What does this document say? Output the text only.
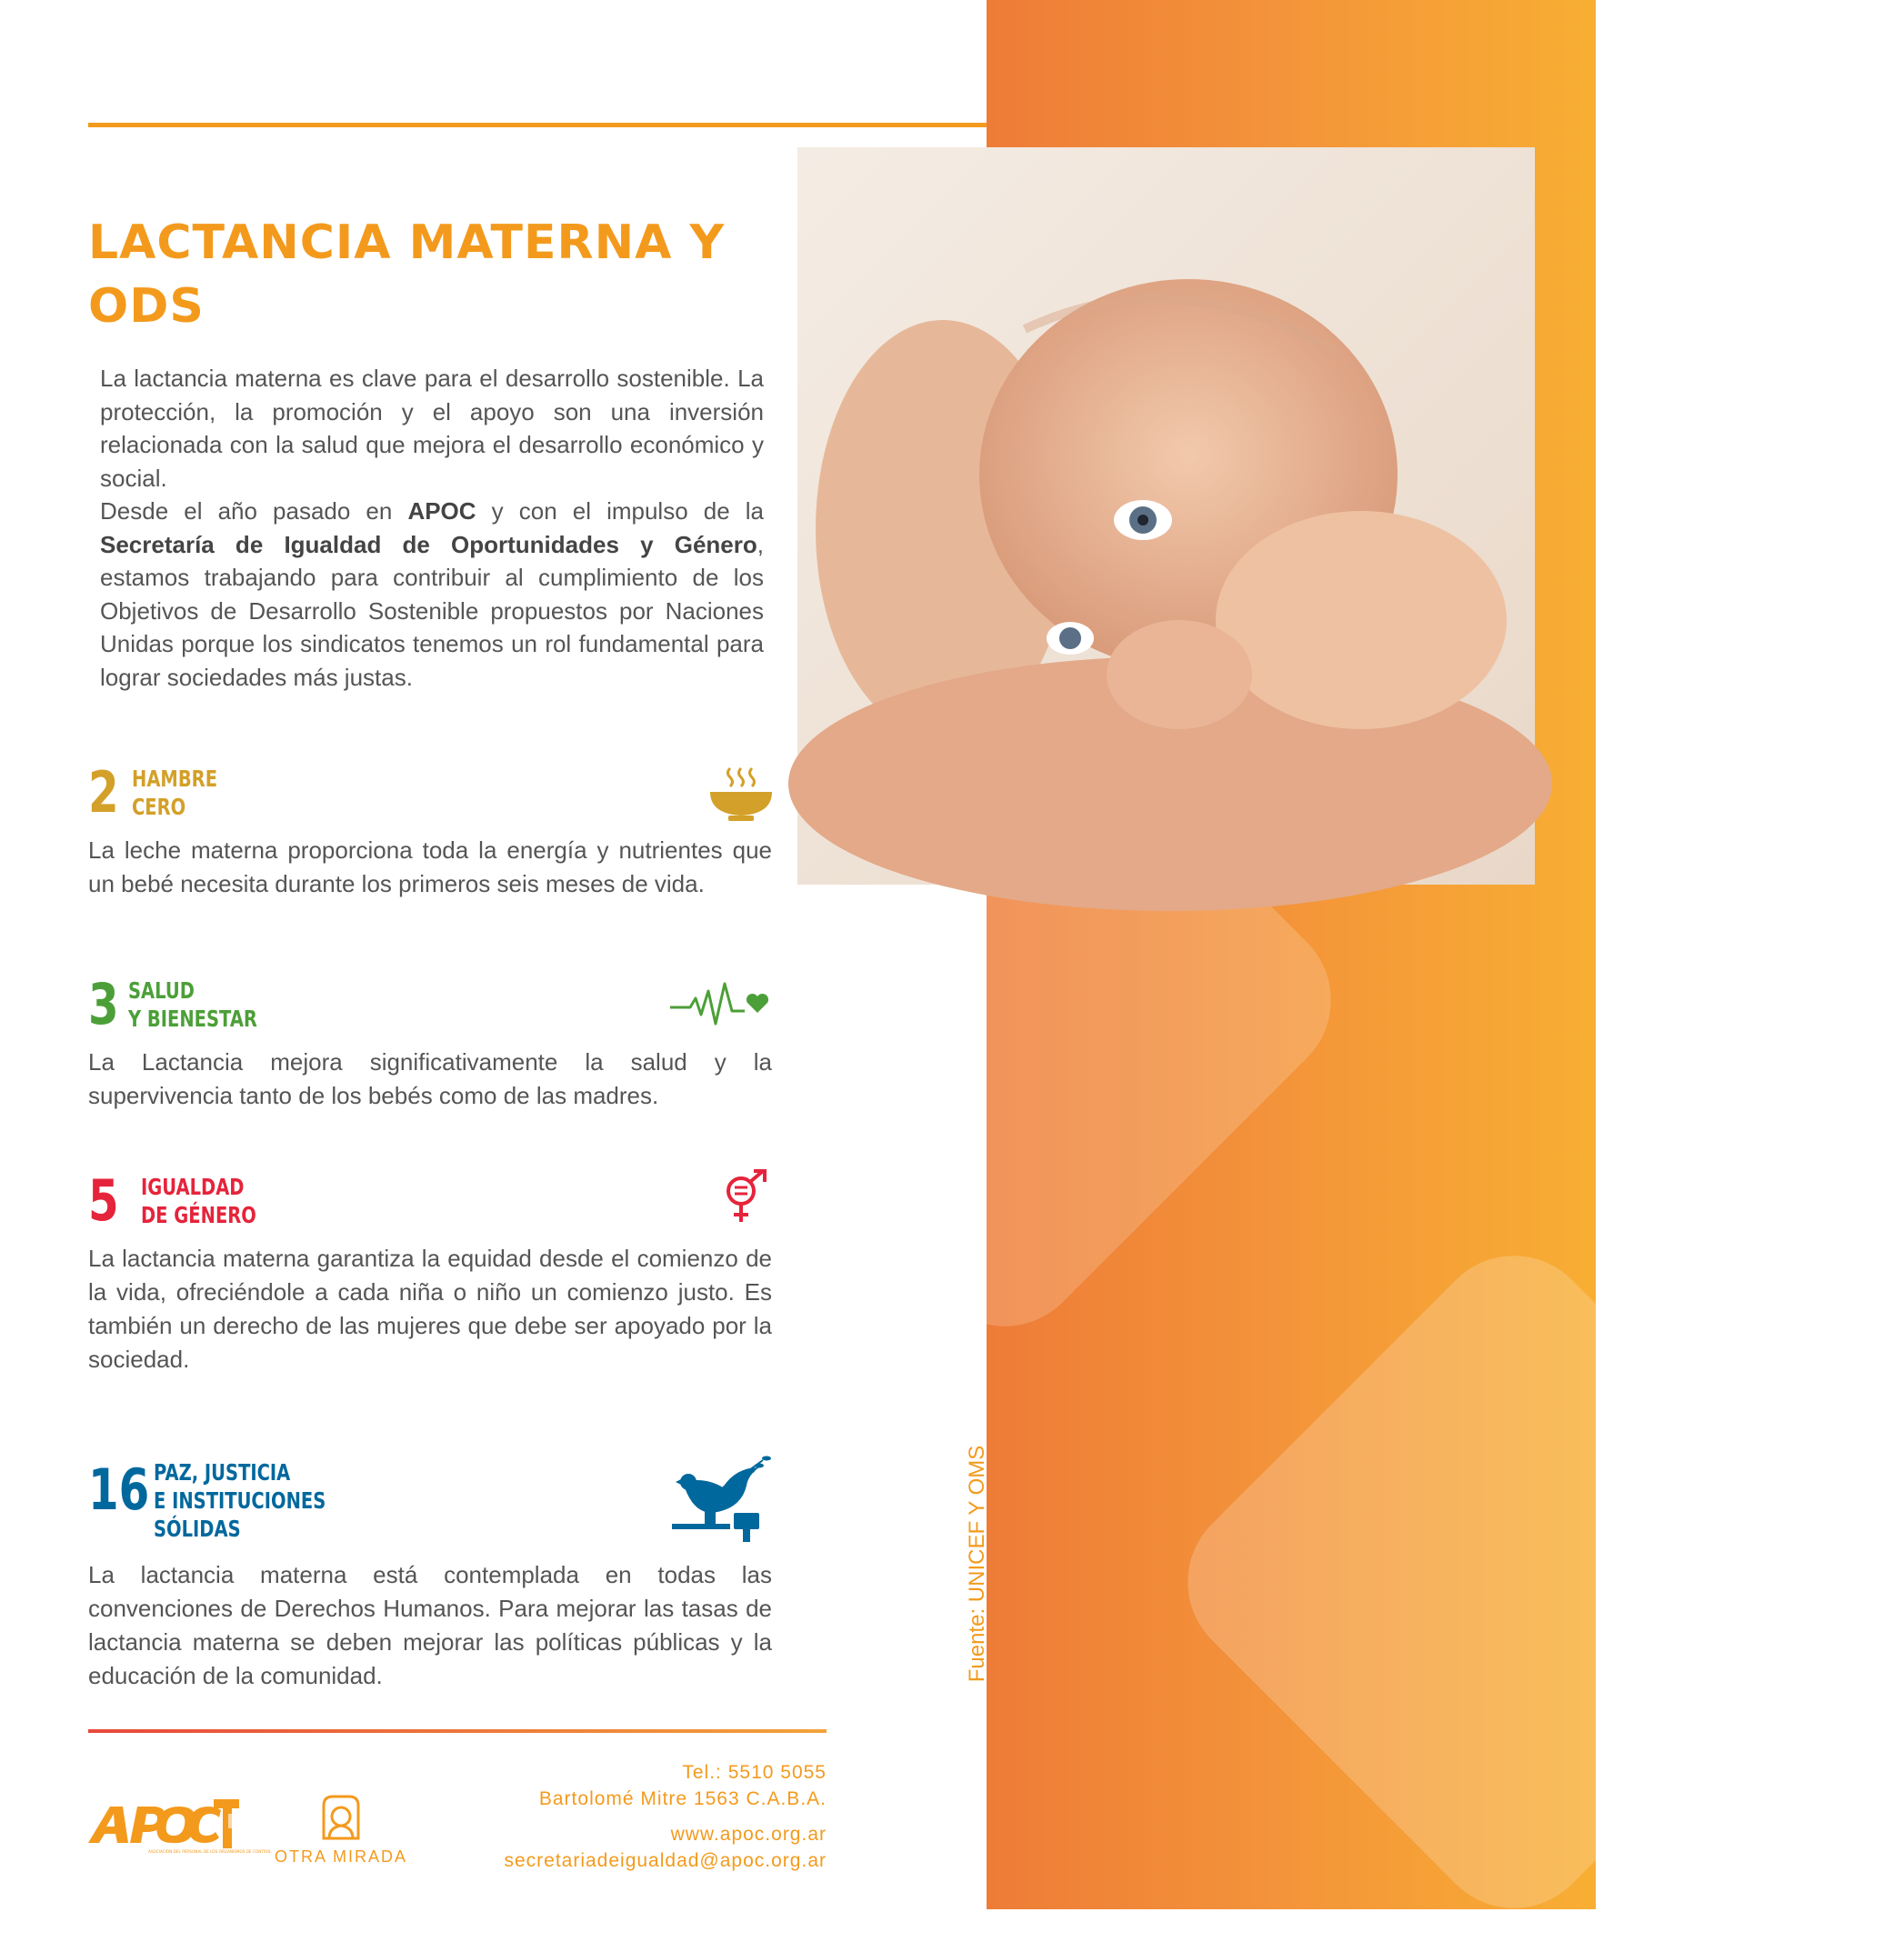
LACTANCIA MATERNA Y ODS

La lactancia materna es clave para el desarrollo sostenible. La protección, la promoción y el apoyo son una inversión relacionada con la salud que mejora el desarrollo económico y social.

Desde el año pasado en APOC y con el impulso de la Secretaría de Igualdad de Oportunidades y Género, estamos trabajando para contribuir al cumplimiento de los Objetivos de Desarrollo Sostenible propuestos por Naciones Unidas porque los sindicatos tenemos un rol fundamental para lograr sociedades más justas.

2 HAMBRE
CERO

La leche materna proporciona toda la energía y nutrientes que un bebé necesita durante los primeros seis meses de vida.

3 SALUD
Y BIENESTAR

La Lactancia mejora significativamente la salud y la supervivencia tanto de los bebés como de las madres.

5 IGUALDAD
DE GÉNERO

La lactancia materna garantiza la equidad desde el comienzo de la vida, ofreciéndole a cada niña o niño un comienzo justo. Es también un derecho de las mujeres que debe ser apoyado por la sociedad.

16 PAZ, JUSTICIA
E INSTITUCIONES
SÓLIDAS

La lactancia materna está contemplada en todas las convenciones de Derechos Humanos. Para mejorar las tasas de lactancia materna se deben mejorar las políticas públicas y la educación de la comunidad.	Fuente: UNICEF Y OMS
ASOCIACIÓN DEL PERSONAL DE LOS ORGANISMOS DE CONTROL OTRA MIRADA
Tel.: 5510 5055
Bartolomé Mitre 1563 C.A.B.A.
www.apoc.org.ar
secretariadeigualdad@apoc.org.ar
